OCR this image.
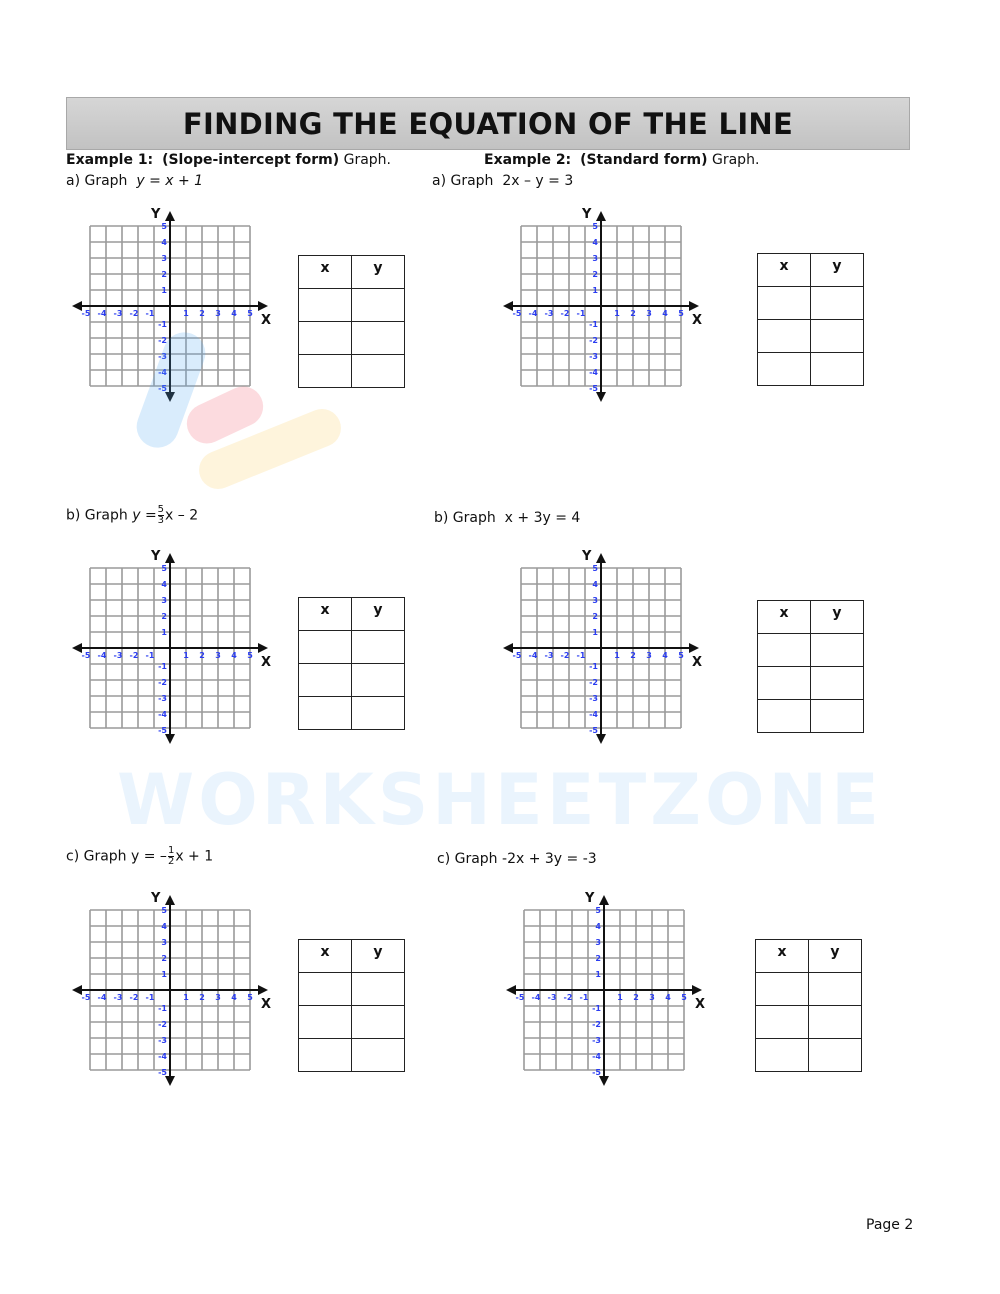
FINDING THE EQUATION OF THE LINE
Example 1: (Slope-intercept form) Graph.	Example 2: (Standard form) Graph.
a) Graph y = x + 1	a) Graph 2x – y = 3
b) Graph $y = \frac{5}{3}$ x – 2	b) Graph x + 3y = 4
c) Graph y = – $\frac{1}{2}$ x + 1	c) Graph -2x + 3y = -3
X
Y
-5
-5
-4
-4
-3
-3
-2
-2
-1
-1
1
1
2
2
3
3
4
4
5
5
X
Y
-5
-5
-4
-4
-3
-3
-2
-2
-1
-1
1
1
2
2
3
3
4
4
5
5
X
Y
-5
-5
-4
-4
-3
-3
-2
-2
-1
-1
1
1
2
2
3
3
4
4
5
5
X
Y
-5
-5
-4
-4
-3
-3
-2
-2
-1
-1
1
1
2
2
3
3
4
4
5
5
X
Y
-5
-5
-4
-4
-3
-3
-2
-2
-1
-1
1
1
2
2
3
3
4
4
5
5
X
Y
-5
-5
-4
-4
-3
-3
-2
-2
-1
-1
1
1
2
2
3
3
4
4
5
5
x	y

		x	y

x	y

		x	y

x	y

		x	y

WORKSHEETZONE
Page 2
